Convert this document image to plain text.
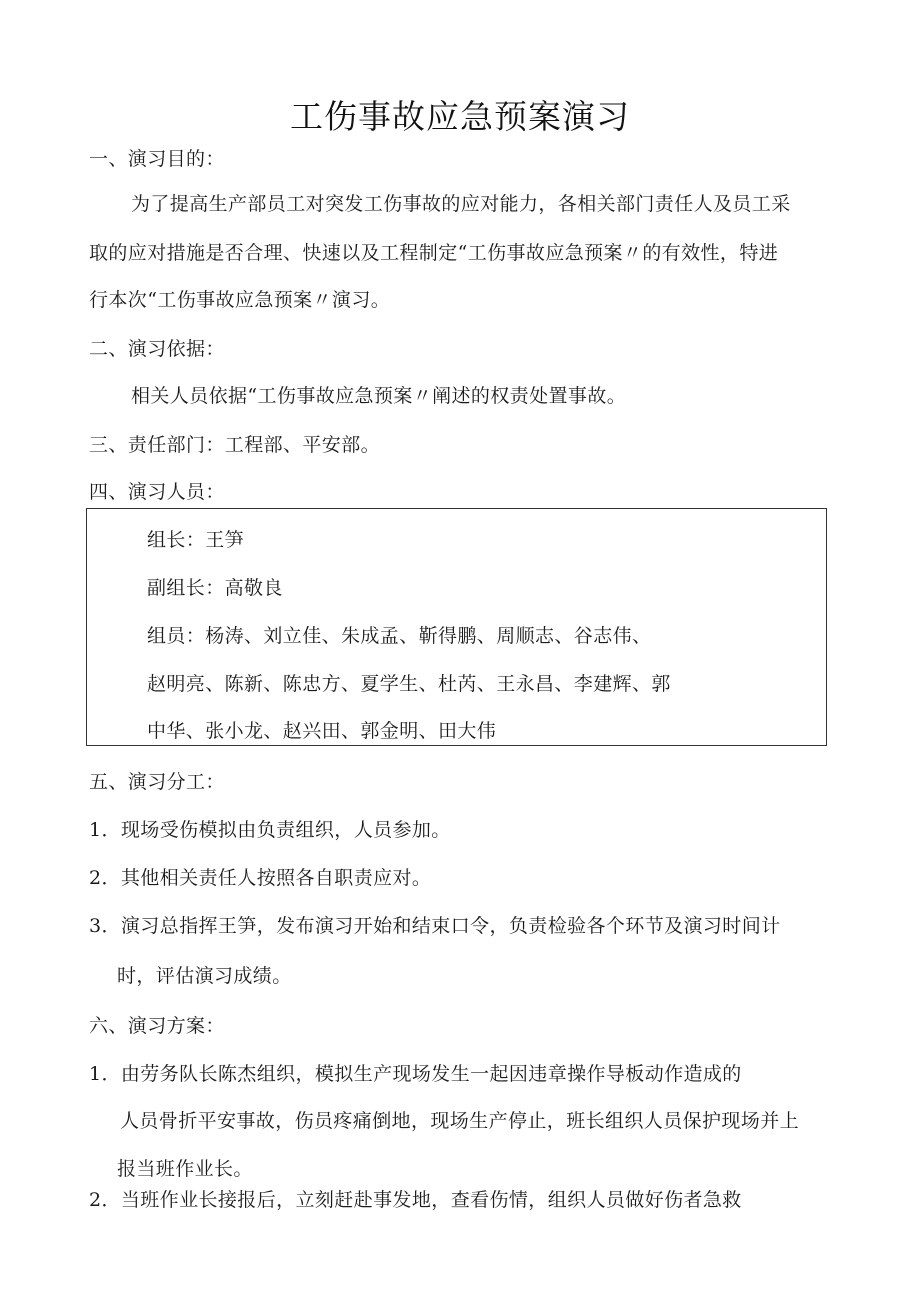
工伤事故应急预案演习
一、演习目的：
为了提高生产部员工对突发工伤事故的应对能力，各相关部门责任人及员工采
取的应对措施是否合理、快速以及工程制定“工伤事故应急预案〃的有效性，特进
行本次“工伤事故应急预案〃演习。
二、演习依据：
相关人员依据“工伤事故应急预案〃阐述的权责处置事故。
三、责任部门：工程部、平安部。
四、演习人员：
组长：王笋
副组长：高敬良
组员：杨涛、刘立佳、朱成孟、靳得鹏、周顺志、谷志伟、
赵明亮、陈新、陈忠方、夏学生、杜芮、王永昌、李建辉、郭
中华、张小龙、赵兴田、郭金明、田大伟
五、演习分工：
1．现场受伤模拟由负责组织，人员参加。
2．其他相关责任人按照各自职责应对。
3．演习总指挥王笋，发布演习开始和结束口令，负责检验各个环节及演习时间计
时，评估演习成绩。
六、演习方案：
1．由劳务队长陈杰组织，模拟生产现场发生一起因违章操作导板动作造成的
人员骨折平安事故，伤员疼痛倒地，现场生产停止，班长组织人员保护现场并上
报当班作业长。
2．当班作业长接报后，立刻赶赴事发地，查看伤情，组织人员做好伤者急救
